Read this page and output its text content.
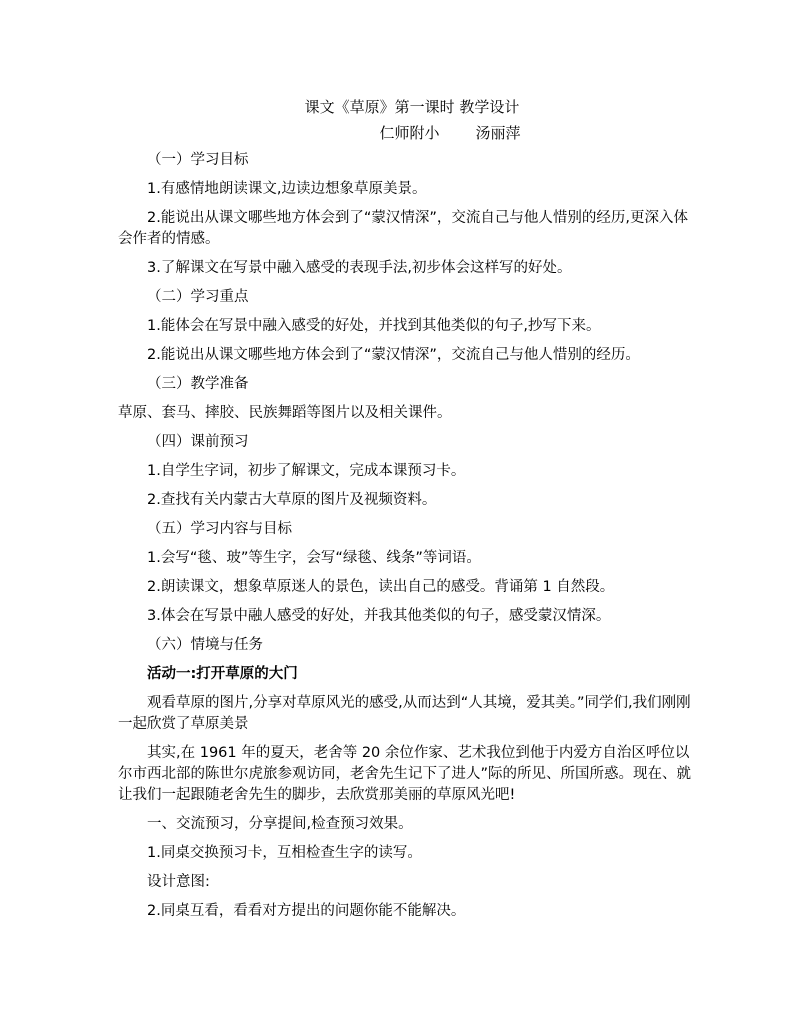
课文《草原》第一课时 教学设计

仁师附小 汤丽萍

（一）学习目标

1.有感情地朗读课文,边读边想象草原美景。

2.能说出从课文哪些地方体会到了“蒙汉情深”，交流自己与他人惜别的经历,更深入体会作者的情感。

3.了解课文在写景中融入感受的表现手法,初步体会这样写的好处。

（二）学习重点

1.能体会在写景中融入感受的好处，并找到其他类似的句子,抄写下来。

2.能说出从课文哪些地方体会到了“蒙汉情深”，交流自己与他人惜别的经历。

（三）教学准备

草原、套马、摔胶、民族舞蹈等图片以及相关课件。

（四）课前预习

1.自学生字词，初步了解课文，完成本课预习卡。

2.查找有关内蒙古大草原的图片及视频资料。

（五）学习内容与目标

1.会写“毯、玻”等生字，会写“绿毯、线条”等词语。

2.朗读课文，想象草原迷人的景色，读出自己的感受。背诵第 1 自然段。

3.体会在写景中融人感受的好处，并我其他类似的句子，感受蒙汉情深。

（六）情境与任务

活动一:打开草原的大门

观看草原的图片,分享对草原风光的感受,从而达到“人其境，爱其美。”同学们,我们刚刚一起欣赏了草原美景

其实,在 1961 年的夏天，老舍等 20 余位作家、艺术我位到他于内爱方自治区呼位以尔市西北部的陈世尔虎旅参观访同，老舍先生记下了进人”际的所见、所国所惑。现在、就让我们一起跟随老舍先生的脚步，去欣赏那美丽的草原风光吧!

一、交流预习，分享提间,检查预习效果。

1.同桌交换预习卡，互相检查生字的读写。

设计意图:

2.同桌互看，看看对方提出的问题你能不能解决。
